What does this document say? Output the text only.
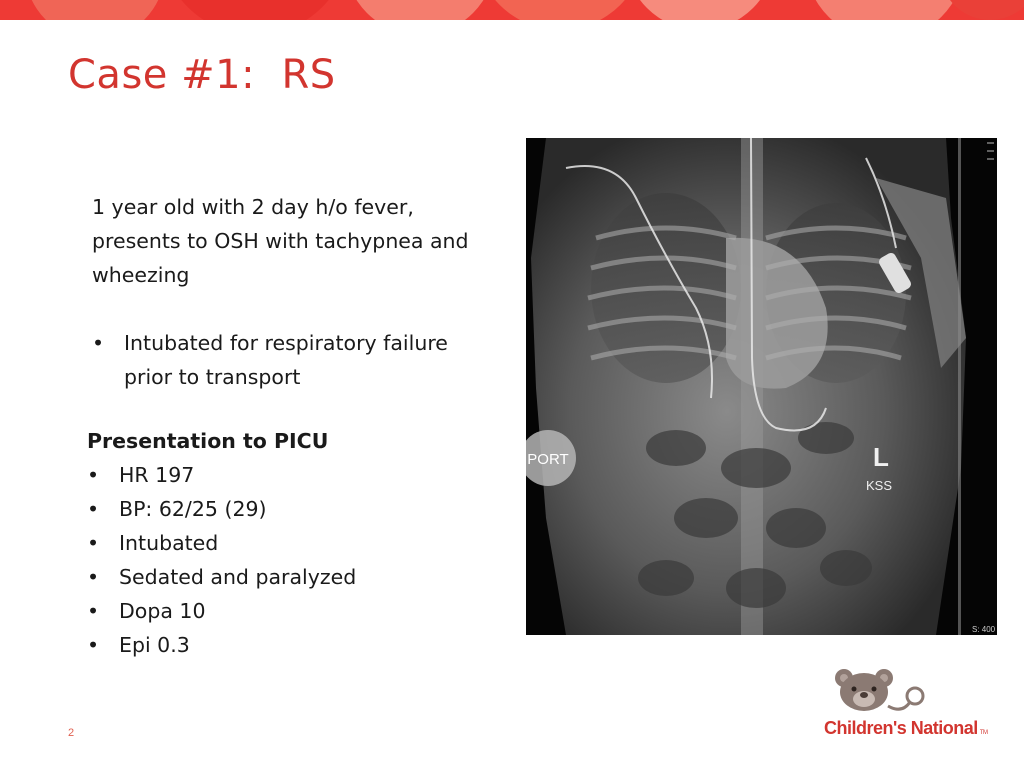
Case #1:  RS
1 year old with 2 day h/o fever, presents to OSH with tachypnea and wheezing
• Intubated for respiratory failure prior to transport
Presentation to PICU
• HR 197
• BP: 62/25 (29)
• Intubated
• Sedated and paralyzed
• Dopa 10
• Epi 0.3
PORT	L
KSS
S: 400
2	Children's National TM
